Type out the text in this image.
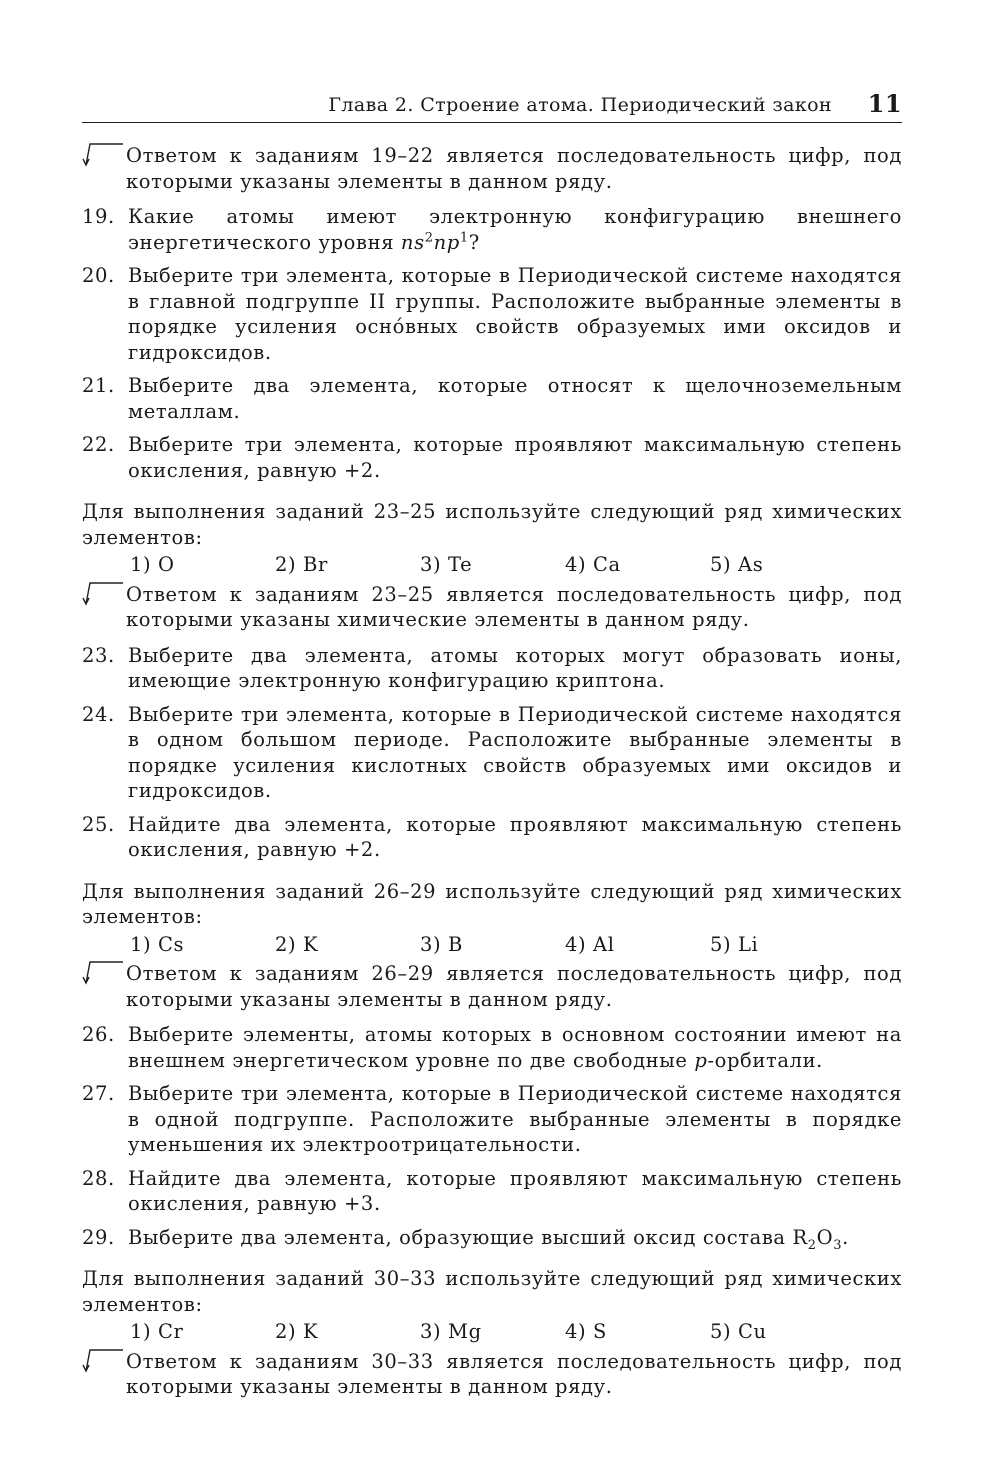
Глава 2. Строение атома. Периодический закон 11
Ответом к заданиям 19–22 является последовательность цифр, под которыми указаны элементы в данном ряду.
19. Какие атомы имеют электронную конфигурацию внешнего энергетического уровня $ns^2np^1$?
20. Выберите три элемента, которые в Периодической системе находятся в главной подгруппе II группы. Расположите выбранные элементы в порядке усиления осно́вных свойств образуемых ими оксидов и гидроксидов.
21. Выберите два элемента, которые относят к щелочноземельным металлам.
22. Выберите три элемента, которые проявляют максимальную степень окисления, равную +2.
Для выполнения заданий 23–25 используйте следующий ряд химических элементов:
1) O	2) Br	3) Te	4) Ca	5) As
Ответом к заданиям 23–25 является последовательность цифр, под которыми указаны химические элементы в данном ряду.
23. Выберите два элемента, атомы которых могут образовать ионы, имеющие электронную конфигурацию криптона.
24. Выберите три элемента, которые в Периодической системе находятся в одном большом периоде. Расположите выбранные элементы в порядке усиления кислотных свойств образуемых ими оксидов и гидроксидов.
25. Найдите два элемента, которые проявляют максимальную степень окисления, равную +2.
Для выполнения заданий 26–29 используйте следующий ряд химических элементов:
1) Cs	2) K	3) B	4) Al	5) Li
Ответом к заданиям 26–29 является последовательность цифр, под которыми указаны элементы в данном ряду.
26. Выберите элементы, атомы которых в основном состоянии имеют на внешнем энергетическом уровне по две свободные p-орбитали.
27. Выберите три элемента, которые в Периодической системе находятся в одной подгруппе. Расположите выбранные элементы в порядке уменьшения их электроотрицательности.
28. Найдите два элемента, которые проявляют максимальную степень окисления, равную +3.
29. Выберите два элемента, образующие высший оксид состава $R_2O_3$.
Для выполнения заданий 30–33 используйте следующий ряд химических элементов:
1) Cr	2) K	3) Mg	4) S	5) Cu
Ответом к заданиям 30–33 является последовательность цифр, под которыми указаны элементы в данном ряду.
